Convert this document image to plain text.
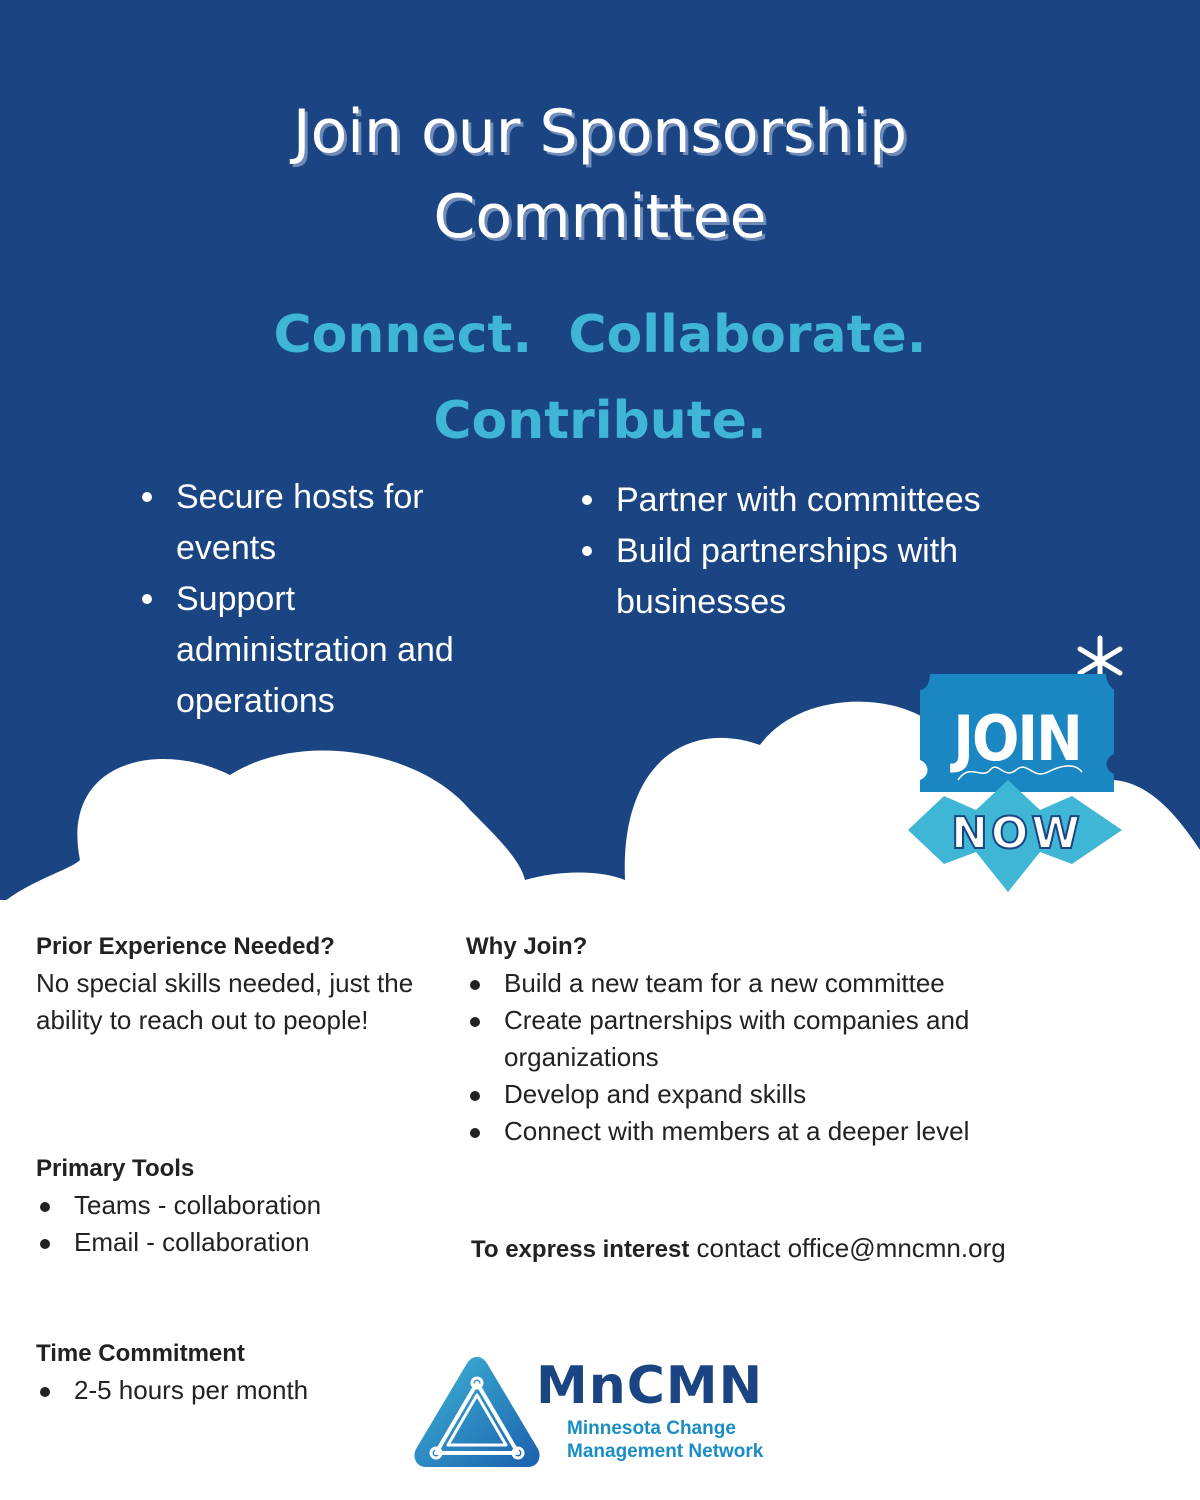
Join our Sponsorship
Committee
Connect.  Collaborate.
Contribute.
Secure hosts for events
Support administration and operations
Partner with committees
Build partnerships with businesses
JOIN
NOW
Prior Experience Needed?
No special skills needed, just the ability to reach out to people!
Why Join?
Build a new team for a new committee
Create partnerships with companies and organizations
Develop and expand skills
Connect with members at a deeper level
Primary Tools
Teams - collaboration
Email - collaboration	To express interest contact office@mncmn.org
Time Commitment
2-5 hours per month	MnCMN
Minnesota Change
Management Network
